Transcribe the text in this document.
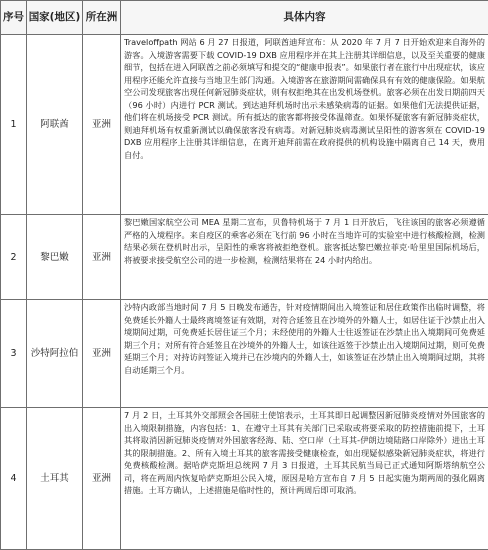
序号	国家(地区)	所在洲	具体内容
1	阿联酋	亚洲	Traveloffpath 网站 6 月 27 日报道，阿联酋迪拜宣布：从 2020 年 7 月 7 日开始欢迎来自海外的游客。入境游客需要下载 COVID-19 DXB 应用程序并在其上注册其详细信息，以及至关重要的健康细节，包括在进入阿联酋之前必须填写和提交的“健康申报表”。如果旅行者在旅行中出现症状，该应用程序还能允许直接与当地卫生部门沟通。入境游客在旅游期间需确保具有有效的健康保险。如果航空公司发现旅客出现任何新冠肺炎症状，则有权拒绝其在出发机场登机。旅客必须在出发日期前四天（96 小时）内进行 PCR 测试。到达迪拜机场时出示未感染病毒的证据。如果他们无法提供证据，他们将在机场接受 PCR 测试。所有抵达的旅客都将接受体温筛查。如果怀疑旅客有新冠肺炎症状，则迪拜机场有权重新测试以确保旅客没有病毒。对新冠肺炎病毒测试呈阳性的游客须在 COVID-19 DXB 应用程序上注册其详细信息，在离开迪拜前需在政府提供的机构设施中隔离自己 14 天，费用自付。
2	黎巴嫩	亚洲	黎巴嫩国家航空公司 MEA 星期二宣布，贝鲁特机场于 7 月 1 日开放后，飞往该国的旅客必须遵循严格的入境程序。来自疫区的乘客必须在飞行前 96 小时在当地许可的实验室中进行核酸检测，检测结果必须在登机时出示，呈阳性的乘客将被拒绝登机。旅客抵达黎巴嫩拉菲克·哈里里国际机场后，将被要求接受航空公司的进一步检测，检测结果将在 24 小时内给出。
3	沙特阿拉伯	亚洲	沙特内政部当地时间 7 月 5 日晚发布通告，针对疫情期间出入境签证和居住政策作出临时调整，将免费延长外籍人士最终离境签证有效期，对符合延签且在沙境外的外籍人士，如居住证于沙禁止出入境期间过期，可免费延长居住证三个月；未经使用的外籍人士往返签证在沙禁止出入境期间可免费延期三个月；对所有符合延签且在沙境外的外籍人士，如该往返签于沙禁止出入境期间过期，则可免费延期三个月；对持访问签证入境并已在沙境内的外籍人士，如该签证在沙禁止出入境期间过期，其将自动延期三个月。
4	土耳其	亚洲	7 月 2 日，土耳其外交部照会各国驻土使馆表示，土耳其即日起调整因新冠肺炎疫情对外国旅客的出入境限制措施，内容包括：1、在遵守土耳其有关部门已采取或将要采取的防控措施前提下，土耳其将取消因新冠肺炎疫情对外国旅客经海、陆、空口岸（土耳其-伊朗边境陆路口岸除外）进出土耳其的限制措施。2、所有入境土耳其的旅客需接受健康检查，如出现疑似感染新冠肺炎症状，将进行免费核酸检测。据哈萨克斯坦总统网 7 月 3 日报道，土耳其民航当局已正式通知阿斯塔纳航空公司，将在两周内恢复哈萨克斯坦公民入境，原因是哈方宣布自 7 月 5 日起实施为期两周的强化隔离措施。土耳方确认，上述措施是临时性的，预计两周后即可取消。
